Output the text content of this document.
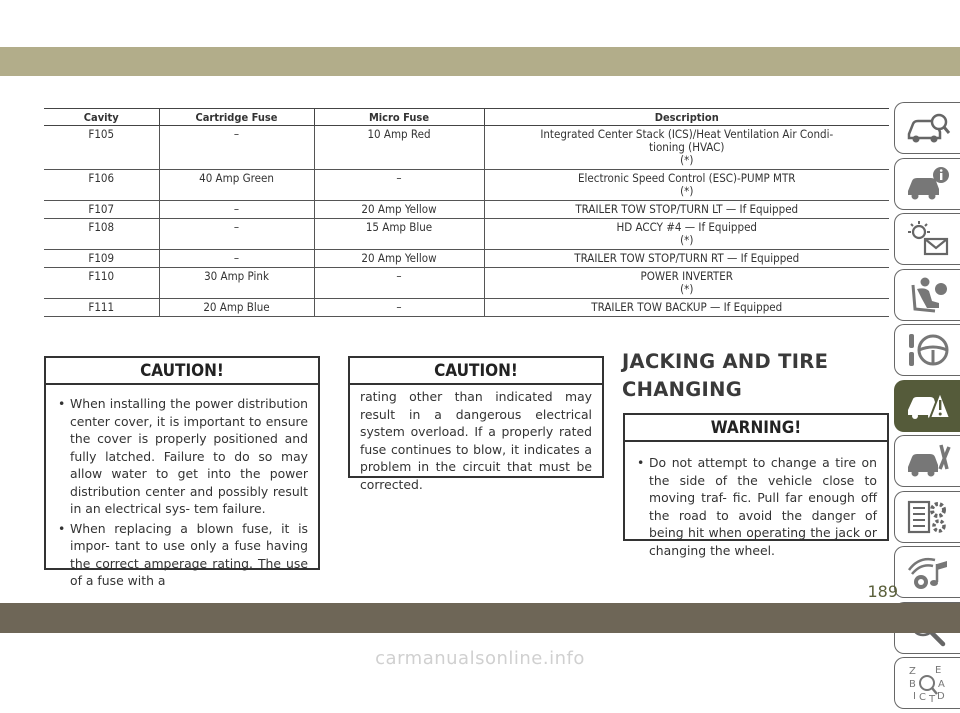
Cavity	Cartridge Fuse	Micro Fuse	Description
F105	–	10 Amp Red	Integrated Center Stack (ICS)/Heat Ventilation Air Condi-
tioning (HVAC)
(*)

F106	40 Amp Green	–	Electronic Speed Control (ESC)-PUMP MTR
(*)

F107	–	20 Amp Yellow	TRAILER TOW STOP/TURN LT — If Equipped

F108	–	15 Amp Blue	HD ACCY #4 — If Equipped
(*)

F109	–	20 Amp Yellow	TRAILER TOW STOP/TURN RT — If Equipped

F110	30 Amp Pink	–	POWER INVERTER
(*)

F111	20 Amp Blue	–	TRAILER TOW BACKUP — If Equipped
CAUTION!
• When installing the power distribution center cover, it is important to ensure the cover is properly positioned and fully latched. Failure to do so may allow water to get into the power distribution center and possibly result in an electrical sys- tem failure.
• When replacing a blown fuse, it is impor- tant to use only a fuse having the correct amperage rating. The use of a fuse with a
CAUTION!
rating other than indicated may result in a dangerous electrical system overload. If a properly rated fuse continues to blow, it indicates a problem in the circuit that must be corrected.
JACKING AND TIRE
CHANGING
WARNING!
• Do not attempt to change a tire on the side of the vehicle close to moving traf- fic. Pull far enough off the road to avoid the danger of being hit when operating the jack or changing the wheel.
Z E
B A
I C D
T
189
carmanualsonline.info
